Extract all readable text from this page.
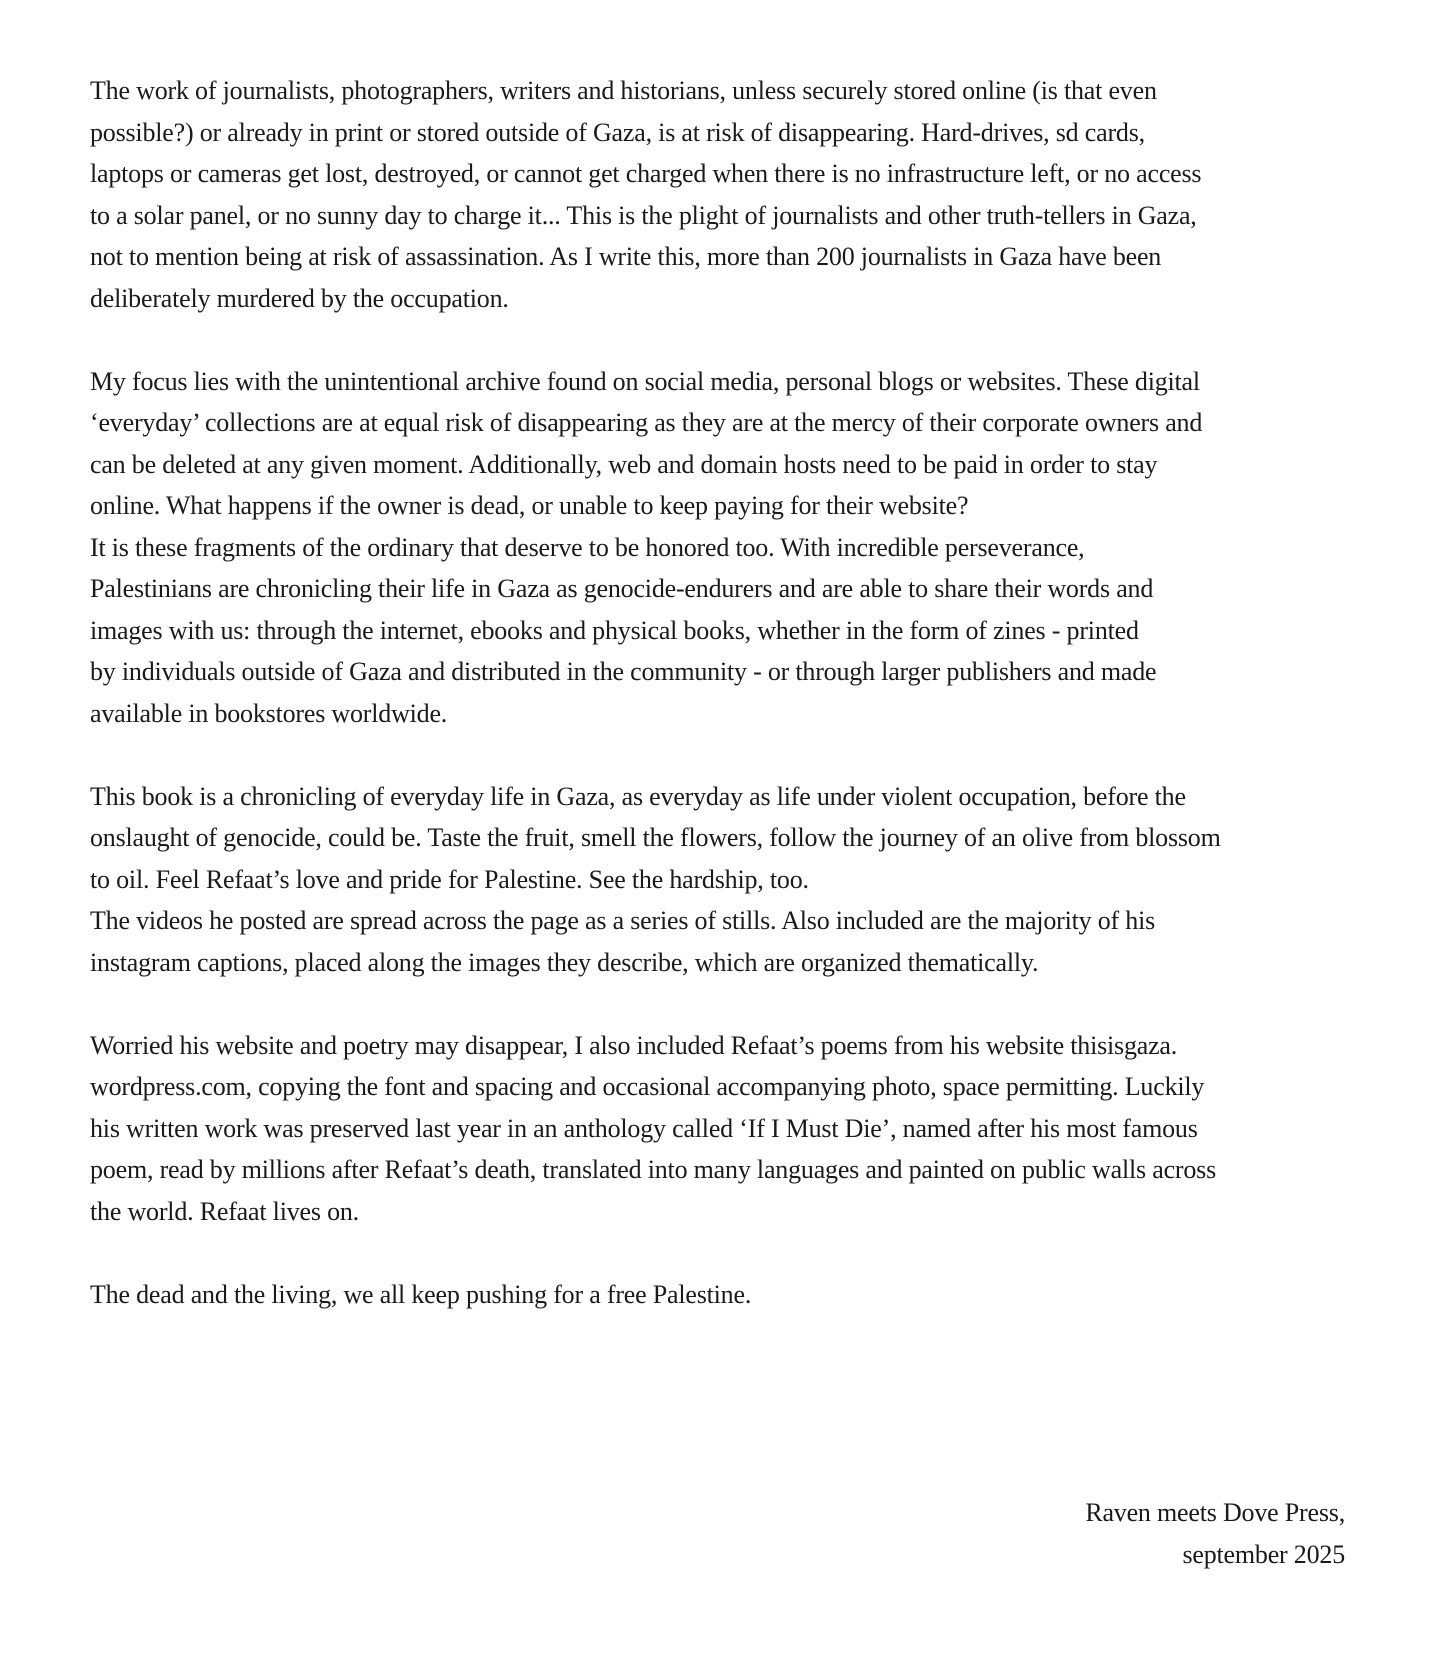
The work of journalists, photographers, writers and historians, unless securely stored online (is that even
possible?) or already in print or stored outside of Gaza, is at risk of disappearing. Hard-drives, sd cards,
laptops or cameras get lost, destroyed, or cannot get charged when there is no infrastructure left, or no access
to a solar panel, or no sunny day to charge it... This is the plight of journalists and other truth-tellers in Gaza,
not to mention being at risk of assassination. As I write this, more than 200 journalists in Gaza have been
deliberately murdered by the occupation.
My focus lies with the unintentional archive found on social media, personal blogs or websites. These digital
‘everyday’ collections are at equal risk of disappearing as they are at the mercy of their corporate owners and
can be deleted at any given moment. Additionally, web and domain hosts need to be paid in order to stay
online. What happens if the owner is dead, or unable to keep paying for their website?
It is these fragments of the ordinary that deserve to be honored too. With incredible perseverance,
Palestinians are chronicling their life in Gaza as genocide-endurers and are able to share their words and
images with us: through the internet, ebooks and physical books, whether in the form of zines - printed
by individuals outside of Gaza and distributed in the community - or through larger publishers and made
available in bookstores worldwide.
This book is a chronicling of everyday life in Gaza, as everyday as life under violent occupation, before the
onslaught of genocide, could be. Taste the fruit, smell the flowers, follow the journey of an olive from blossom
to oil. Feel Refaat’s love and pride for Palestine. See the hardship, too.
The videos he posted are spread across the page as a series of stills. Also included are the majority of his
instagram captions, placed along the images they describe, which are organized thematically.
Worried his website and poetry may disappear, I also included Refaat’s poems from his website thisisgaza.
wordpress.com, copying the font and spacing and occasional accompanying photo, space permitting. Luckily
his written work was preserved last year in an anthology called ‘If I Must Die’, named after his most famous
poem, read by millions after Refaat’s death, translated into many languages and painted on public walls across
the world. Refaat lives on.
The dead and the living, we all keep pushing for a free Palestine.
Raven meets Dove Press,
september 2025
